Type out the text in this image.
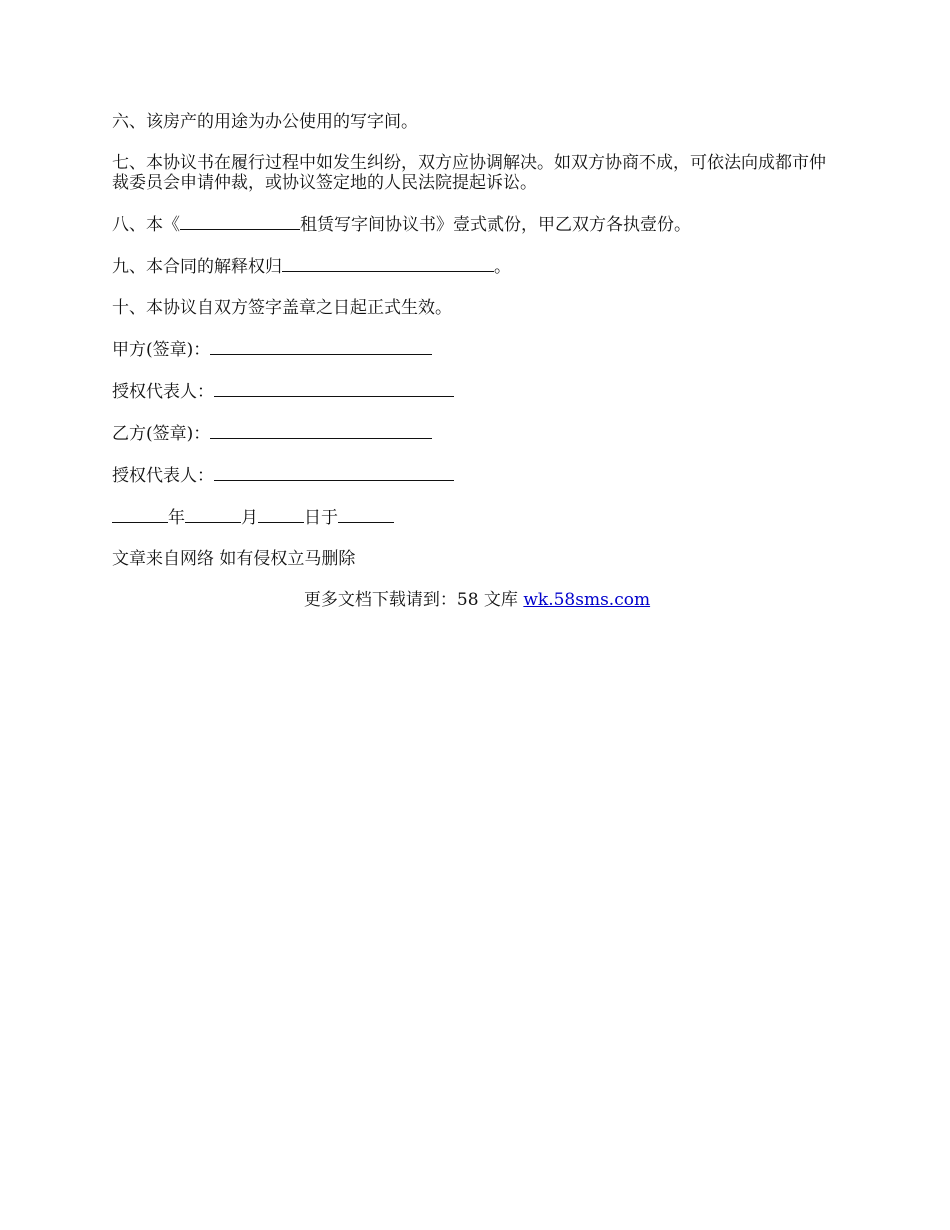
六、该房产的用途为办公使用的写字间。

七、本协议书在履行过程中如发生纠纷，双方应协调解决。如双方协商不成，可依法向成都市仲裁委员会申请仲裁，或协议签定地的人民法院提起诉讼。

八、本《	租赁写字间协议书》壹式贰份，甲乙双方各执壹份。

九、本合同的解释权归	。

十、本协议自双方签字盖章之日起正式生效。

甲方(签章)：

授权代表人：

乙方(签章)：

授权代表人：

年	月	日于

文章来自网络 如有侵权立马删除

更多文档下载请到：58 文库 wk.58sms.com
